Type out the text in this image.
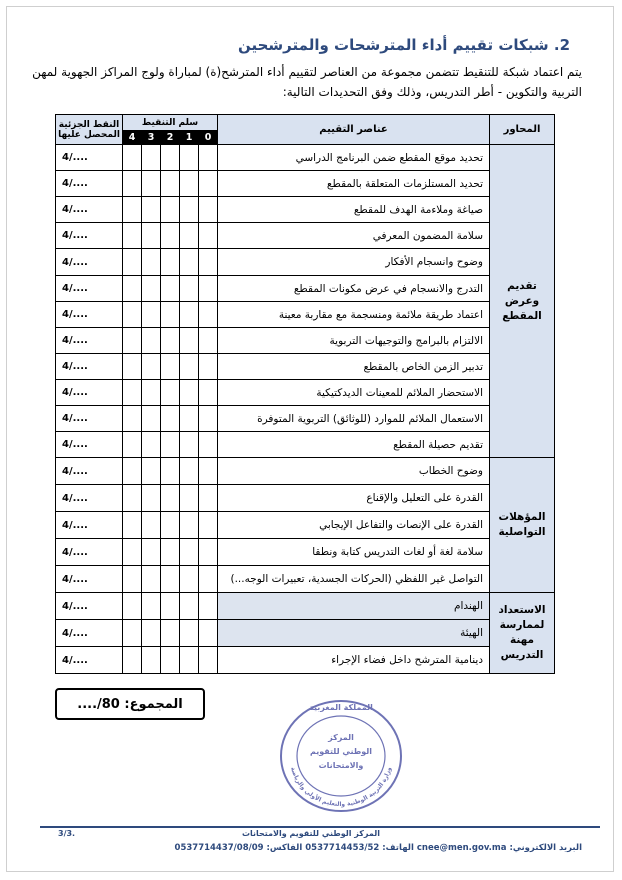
2. شبكات تقييم أداء المترشحات والمترشحين
يتم اعتماد شبكة للتنقيط تتضمن مجموعة من العناصر لتقييم أداء المترشح(ة) لمباراة ولوج المراكز الجهوية لمهن التربية والتكوين - أطر التدريس، وذلك وفق التحديدات التالية:
النقط الجزئية المحصل عليها	سلم التنقيط					عناصر التقييم	المحاور
	4	3	2	1	0		
4/....						تحديد موقع المقطع ضمن البرنامج الدراسي	تقديم وعرض المقطع
4/....						تحديد المستلزمات المتعلقة بالمقطع	
4/....						صياغة وملاءمة الهدف للمقطع	
4/....						سلامة المضمون المعرفي	
4/....						وضوح وانسجام الأفكار	
4/....						التدرج والانسجام في عرض مكونات المقطع	
4/....						اعتماد طريقة ملائمة ومنسجمة مع مقاربة معينة	
4/....						الالتزام بالبرامج والتوجيهات التربوية	
4/....						تدبير الزمن الخاص بالمقطع	
4/....						الاستحضار الملائم للمعينات الديدكتيكية	
4/....						الاستعمال الملائم للموارد (للوثائق) التربوية المتوفرة	
4/....						تقديم حصيلة المقطع	
4/....						وضوح الخطاب	المؤهلات التواصلية
4/....						القدرة على التعليل والإقناع	
4/....						القدرة على الإنصات والتفاعل الإيجابي	
4/....						سلامة لغة أو لغات التدريس كتابة ونطقا	
4/....						التواصل غير اللفظي (الحركات الجسدية، تعبيرات الوجه...)	
4/....						الهندام	الاستعداد لممارسة مهنة التدريس
4/....						الهيئة	
4/....						دينامية المترشح داخل فضاء الإجراء	
المجموع: 80/....	المملكة المغربية
المركز
الوطني للتقويم
والامتحانات
وزارة التربية الوطنية والتعليم الأولي والرياضة
3/3.	المركز الوطني للتقويم والامتحانات
البريد الالكتروني: cnee@men.gov.ma الهاتف: 0537714453/52 الفاكس: 0537714437/08/09
